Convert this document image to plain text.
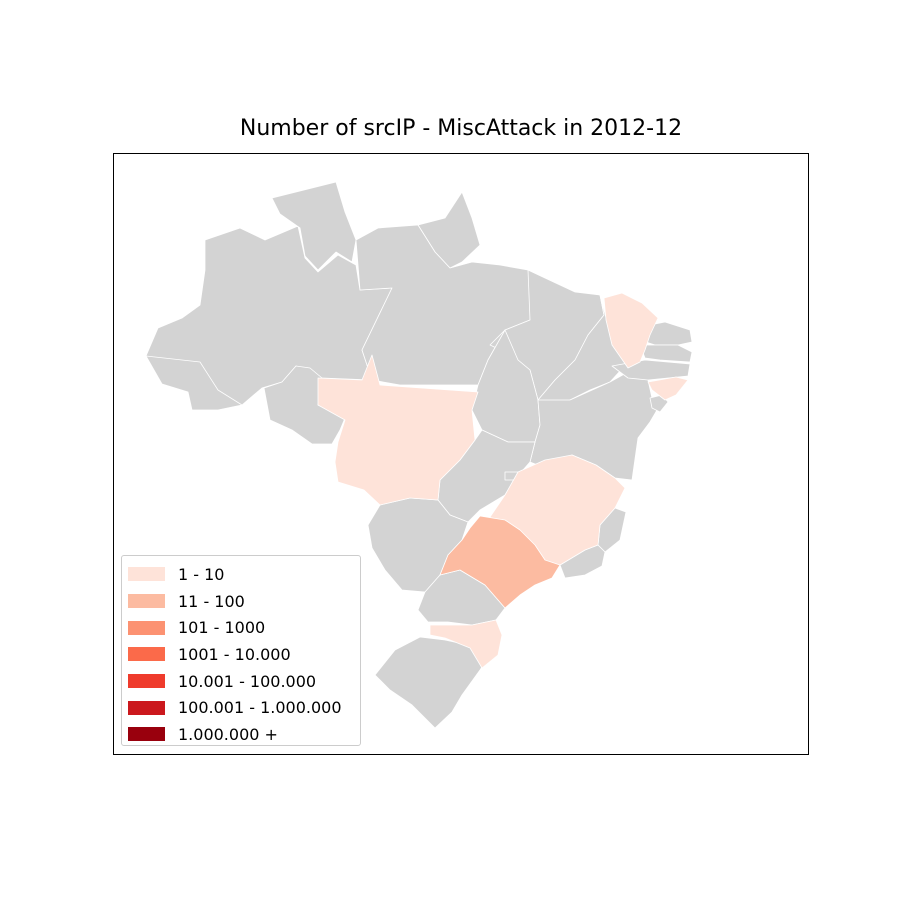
Number of srcIP - MiscAttack in 2012-12
1 - 10
11 - 100
101 - 1000
1001 - 10.000
10.001 - 100.000
100.001 - 1.000.000
1.000.000 +
